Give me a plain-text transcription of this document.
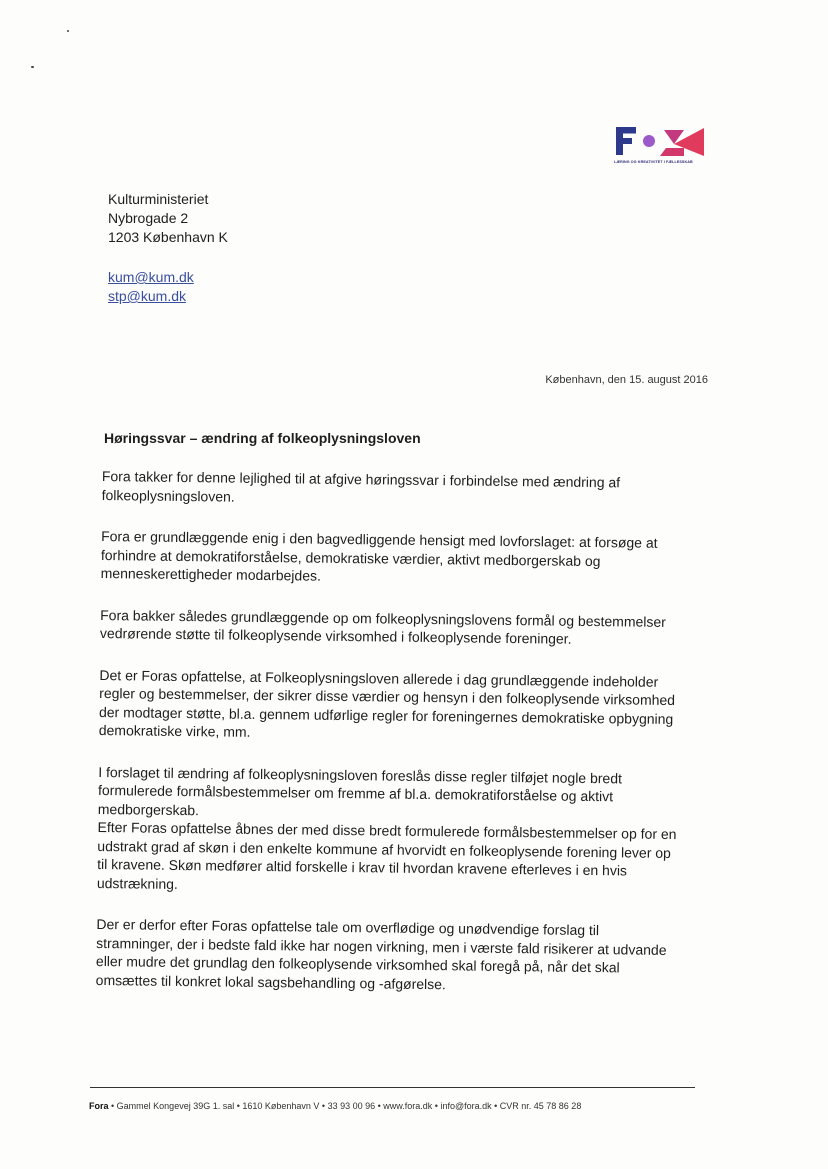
LÆRING OG KREATIVITET I FÆLLESSKAB
Kulturministeriet
Nybrogade 2
1203 København K
kum@kum.dk
stp@kum.dk
København, den 15. august 2016
Høringssvar – ændring af folkeoplysningsloven

Fora takker for denne lejlighed til at afgive høringssvar i forbindelse med ændring af folkeoplysningsloven.

Fora er grundlæggende enig i den bagvedliggende hensigt med lovforslaget: at forsøge at forhindre at demokratiforståelse, demokratiske værdier, aktivt medborgerskab og menneskerettigheder modarbejdes.

Fora bakker således grundlæggende op om folkeoplysningslovens formål og bestemmelser vedrørende støtte til folkeoplysende virksomhed i folkeoplysende foreninger.

Det er Foras opfattelse, at Folkeoplysningsloven allerede i dag grundlæggende indeholder regler og bestemmelser, der sikrer disse værdier og hensyn i den folkeoplysende virksomhed der modtager støtte, bl.a. gennem udførlige regler for foreningernes demokratiske opbygning demokratiske virke, mm.

I forslaget til ændring af folkeoplysningsloven foreslås disse regler tilføjet nogle bredt formulerede formålsbestemmelser om fremme af bl.a. demokratiforståelse og aktivt medborgerskab.

Efter Foras opfattelse åbnes der med disse bredt formulerede formålsbestemmelser op for en udstrakt grad af skøn i den enkelte kommune af hvorvidt en folkeoplysende forening lever op til kravene. Skøn medfører altid forskelle i krav til hvordan kravene efterleves i en hvis udstrækning.

Der er derfor efter Foras opfattelse tale om overflødige og unødvendige forslag til stramninger, der i bedste fald ikke har nogen virkning, men i værste fald risikerer at udvande eller mudre det grundlag den folkeoplysende virksomhed skal foregå på, når det skal omsættes til konkret lokal sagsbehandling og -afgørelse.

Fora • Gammel Kongevej 39G 1. sal • 1610 København V • 33 93 00 96 • www.fora.dk • info@fora.dk • CVR nr. 45 78 86 28
